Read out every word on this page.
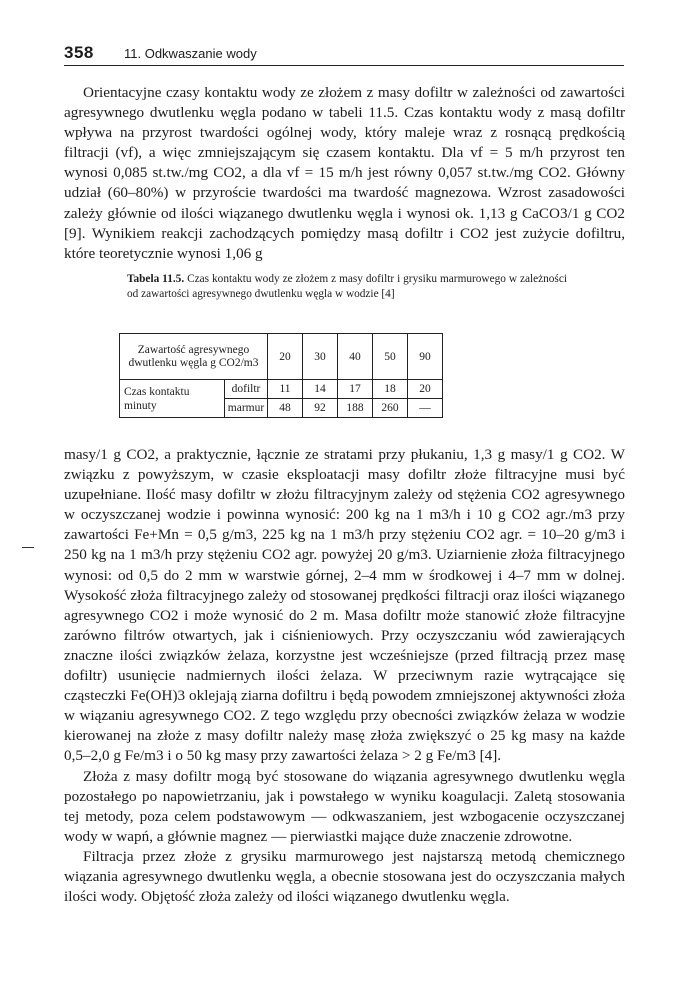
358 11. Odkwaszanie wody

Orientacyjne czasy kontaktu wody ze złożem z masy dofiltr w zależności od zawartości agresywnego dwutlenku węgla podano w tabeli 11.5. Czas kontaktu wody z masą dofiltr wpływa na przyrost twardości ogólnej wody, który maleje wraz z rosnącą prędkością filtracji (vf), a więc zmniejszającym się czasem kontaktu. Dla vf = 5 m/h przyrost ten wynosi 0,085 st.tw./mg CO2, a dla vf = 15 m/h jest równy 0,057 st.tw./mg CO2. Główny udział (60–80%) w przyroście twardości ma twardość magnezowa. Wzrost zasadowości zależy głównie od ilości wiązanego dwutlenku węgla i wynosi ok. 1,13 g CaCO3/1 g CO2 [9]. Wynikiem reakcji zachodzących pomiędzy masą dofiltr i CO2 jest zużycie dofiltru, które teoretycznie wynosi 1,06 g

Tabela 11.5. Czas kontaktu wody ze złożem z masy dofiltr i grysiku marmurowego w zależności od zawartości agresywnego dwutlenku węgla w wodzie [4]
Zawartość agresywnego dwutlenku węgla g CO2/m3		20	30	40	50	90
Czas kontaktu minuty	dofiltr	11	14	17	18	20
	marmur	48	92	188	260	—

masy/1 g CO2, a praktycznie, łącznie ze stratami przy płukaniu, 1,3 g masy/1 g CO2. W związku z powyższym, w czasie eksploatacji masy dofiltr złoże filtracyjne musi być uzupełniane. Ilość masy dofiltr w złożu filtracyjnym zależy od stężenia CO2 agresywnego w oczyszczanej wodzie i powinna wynosić: 200 kg na 1 m3/h i 10 g CO2 agr./m3 przy zawartości Fe+Mn = 0,5 g/m3, 225 kg na 1 m3/h przy stężeniu CO2 agr. = 10–20 g/m3 i 250 kg na 1 m3/h przy stężeniu CO2 agr. powyżej 20 g/m3. Uziarnienie złoża filtracyjnego wynosi: od 0,5 do 2 mm w warstwie górnej, 2–4 mm w środkowej i 4–7 mm w dolnej. Wysokość złoża filtracyjnego zależy od stosowanej prędkości filtracji oraz ilości wiązanego agresywnego CO2 i może wynosić do 2 m. Masa dofiltr może stanowić złoże filtracyjne zarówno filtrów otwartych, jak i ciśnieniowych. Przy oczyszczaniu wód zawierających znaczne ilości związków żelaza, korzystne jest wcześniejsze (przed filtracją przez masę dofiltr) usunięcie nadmiernych ilości żelaza. W przeciwnym razie wytrącające się cząsteczki Fe(OH)3 oklejają ziarna dofiltru i będą powodem zmniejszonej aktywności złoża w wiązaniu agresywnego CO2. Z tego względu przy obecności związków żelaza w wodzie kierowanej na złoże z masy dofiltr należy masę złoża zwiększyć o 25 kg masy na każde 0,5–2,0 g Fe/m3 i o 50 kg masy przy zawartości żelaza > 2 g Fe/m3 [4].

Złoża z masy dofiltr mogą być stosowane do wiązania agresywnego dwutlenku węgla pozostałego po napowietrzaniu, jak i powstałego w wyniku koagulacji. Zaletą stosowania tej metody, poza celem podstawowym — odkwaszaniem, jest wzbogacenie oczyszczanej wody w wapń, a głównie magnez — pierwiastki mające duże znaczenie zdrowotne.

Filtracja przez złoże z grysiku marmurowego jest najstarszą metodą chemicznego wiązania agresywnego dwutlenku węgla, a obecnie stosowana jest do oczyszczania małych ilości wody. Objętość złoża zależy od ilości wiązanego dwutlenku węgla.
